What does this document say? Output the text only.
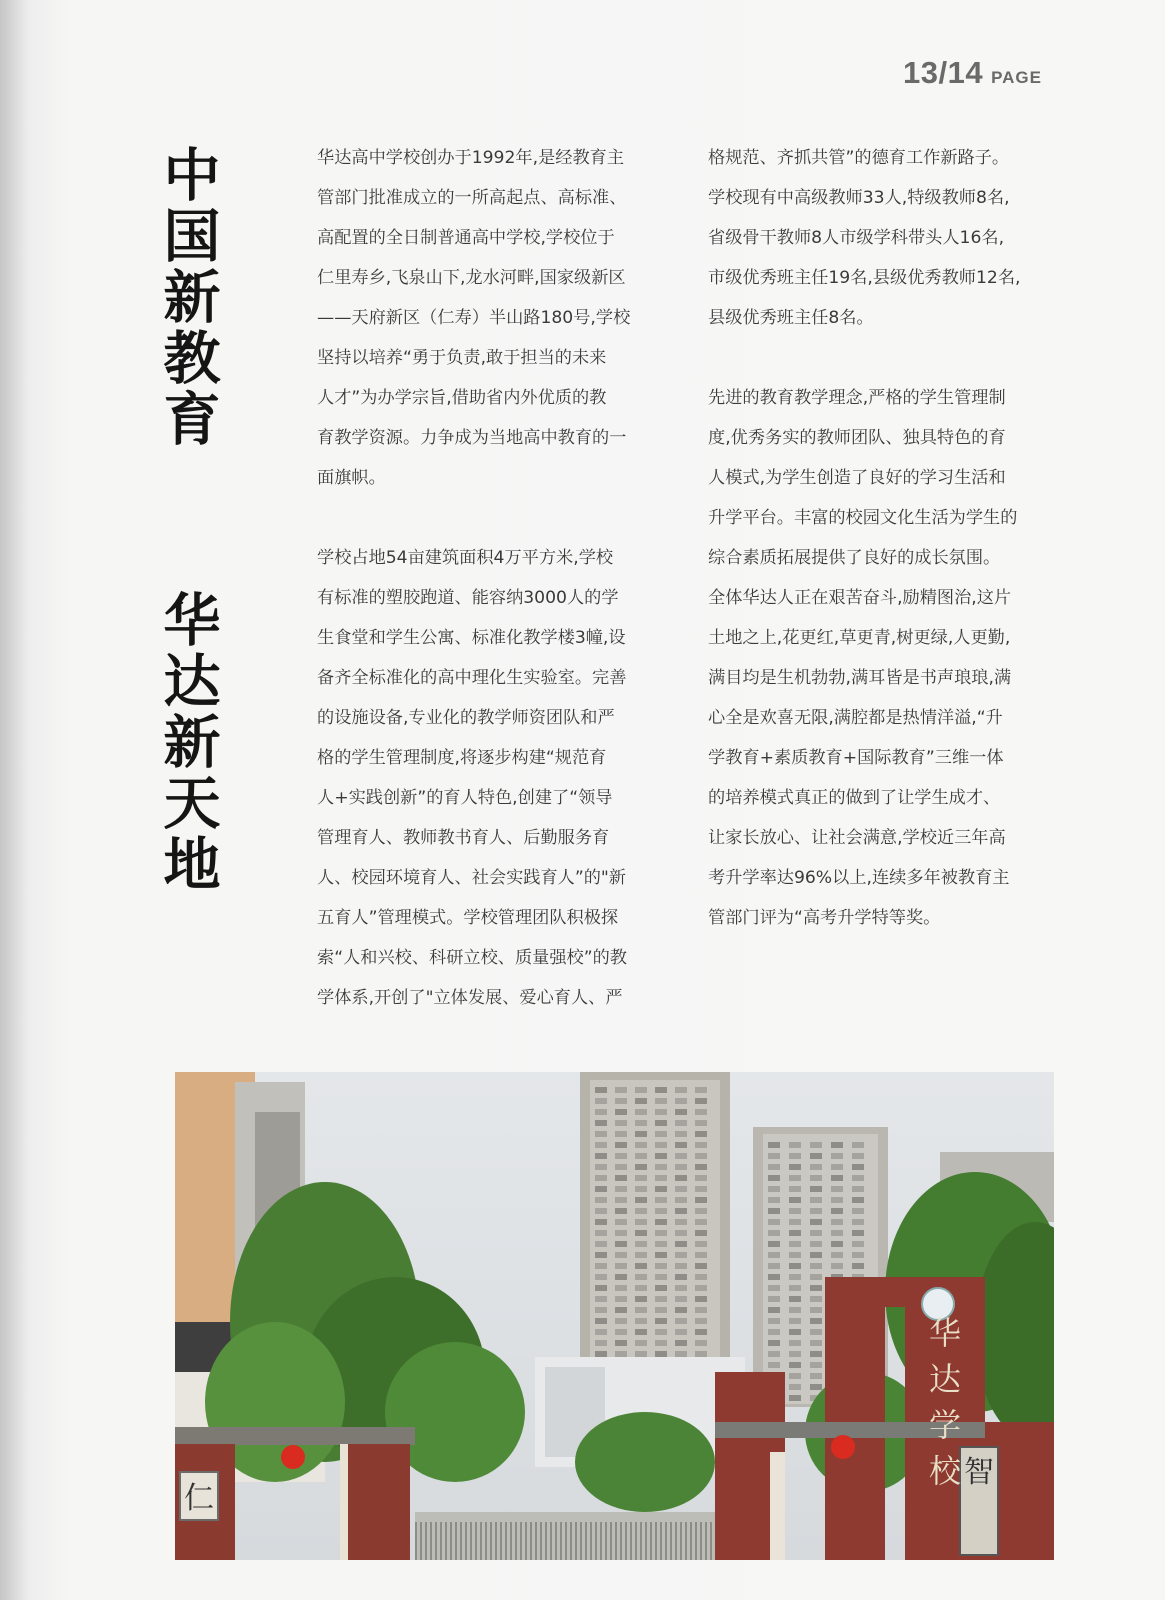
13/14 PAGE
中国新教育
华达新天地

华达高中学校创办于1992年,是经教育主
管部门批准成立的一所高起点、高标准、
高配置的全日制普通高中学校,学校位于
仁里寿乡,飞泉山下,龙水河畔,国家级新区
——天府新区（仁寿）半山路180号,学校
坚持以培养“勇于负责,敢于担当的未来
人才”为办学宗旨,借助省内外优质的教
育教学资源。力争成为当地高中教育的一
面旗帜。

学校占地54亩建筑面积4万平方米,学校
有标准的塑胶跑道、能容纳3000人的学
生食堂和学生公寓、标准化教学楼3幢,设
备齐全标准化的高中理化生实验室。完善
的设施设备,专业化的教学师资团队和严
格的学生管理制度,将逐步构建“规范育
人+实践创新”的育人特色,创建了“领导
管理育人、教师教书育人、后勤服务育
人、校园环境育人、社会实践育人”的"新
五育人”管理模式。学校管理团队积极探
索“人和兴校、科研立校、质量强校”的教
学体系,开创了"立体发展、爱心育人、严

格规范、齐抓共管”的德育工作新路子。
学校现有中高级教师33人,特级教师8名,
省级骨干教师8人市级学科带头人16名,
市级优秀班主任19名,县级优秀教师12名,
县级优秀班主任8名。

先进的教育教学理念,严格的学生管理制
度,优秀务实的教师团队、独具特色的育
人模式,为学生创造了良好的学习生活和
升学平台。丰富的校园文化生活为学生的
综合素质拓展提供了良好的成长氛围。
全体华达人正在艰苦奋斗,励精图治,这片
土地之上,花更红,草更青,树更绿,人更勤,
满目均是生机勃勃,满耳皆是书声琅琅,满
心全是欢喜无限,满腔都是热情洋溢,“升
学教育+素质教育+国际教育”三维一体
的培养模式真正的做到了让学生成才、
让家长放心、让社会满意,学校近三年高
考升学率达96%以上,连续多年被教育主
管部门评为“高考升学特等奖。

仁
华
达
学
校 智
